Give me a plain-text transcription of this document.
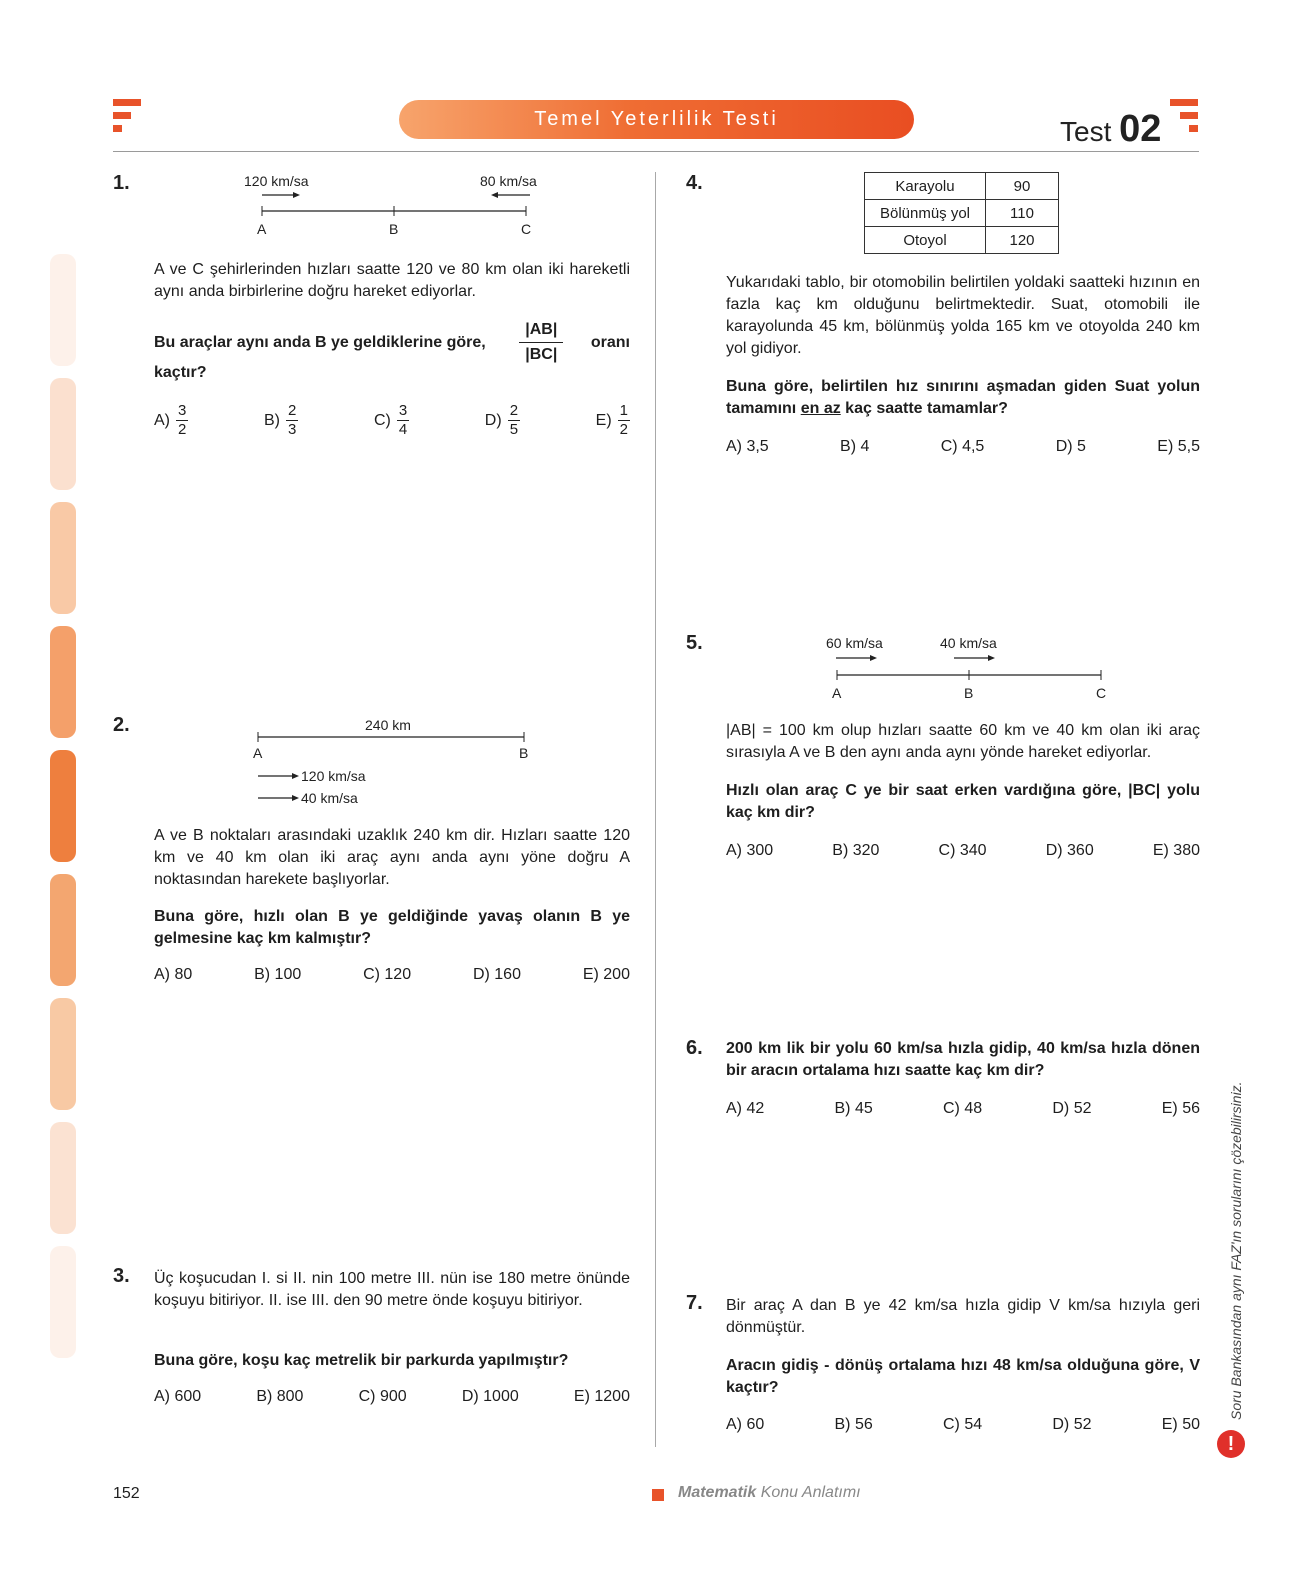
Temel Yeterlilik Testi	Test 02
1.	120 km/sa	80 km/sa
A	B	C
A ve C şehirlerinden hızları saatte 120 ve 80 km olan iki hareketli aynı anda birbirlerine doğru hareket ediyorlar.
Bu araçlar aynı anda B ye geldiklerine göre, $\frac{|AB|}{|BC|}$ oranı
kaçtır?
$A) \frac{3}{2}$	$B) \frac{2}{3}$	$C) \frac{3}{4}$	$D) \frac{2}{5}$	$E) \frac{1}{2}$
2.	240 km
A	B
120 km/sa
40 km/sa
A ve B noktaları arasındaki uzaklık 240 km dir. Hızları saatte 120 km ve 40 km olan iki araç aynı anda aynı yöne doğru A noktasından harekete başlıyorlar.
Buna göre, hızlı olan B ye geldiğinde yavaş olanın B ye gelmesine kaç km kalmıştır?
A) 80	B) 100	C) 120	D) 160	E) 200
3. Üç koşucudan I. si II. nin 100 metre III. nün ise 180 metre önünde koşuyu bitiriyor. II. ise III. den 90 metre önde koşuyu bitiriyor.
Buna göre, koşu kaç metrelik bir parkurda yapılmıştır?
A) 600	B) 800	C) 900	D) 1000	E) 1200
4.	Karayolu	90
Bölünmüş yol	110
Otoyol	120
Yukarıdaki tablo, bir otomobilin belirtilen yoldaki saatteki hızının en fazla kaç km olduğunu belirtmektedir. Suat, otomobili ile karayolunda 45 km, bölünmüş yolda 165 km ve otoyolda 240 km yol gidiyor.
Buna göre, belirtilen hız sınırını aşmadan giden Suat yolun tamamını en az kaç saatte tamamlar?
A) 3,5	B) 4	C) 4,5	D) 5	E) 5,5
5.	60 km/sa	40 km/sa
A	B	C
|AB| = 100 km olup hızları saatte 60 km ve 40 km olan iki araç sırasıyla A ve B den aynı anda aynı yönde hareket ediyorlar.
Hızlı olan araç C ye bir saat erken vardığına göre, |BC| yolu kaç km dir?
A) 300	B) 320	C) 340	D) 360	E) 380
6. 200 km lik bir yolu 60 km/sa hızla gidip, 40 km/sa hızla dönen bir aracın ortalama hızı saatte kaç km dir?
A) 42	B) 45	C) 48	D) 52	E) 56
7. Bir araç A dan B ye 42 km/sa hızla gidip V km/sa hızıyla geri dönmüştür.
Aracın gidiş - dönüş ortalama hızı 48 km/sa olduğuna göre, V kaçtır?
A) 60	B) 56	C) 54	D) 52	E) 50
Soru Bankasından aynı FAZ'ın sorularını çözebilirsiniz.
!
152	Matematik Konu Anlatımı
